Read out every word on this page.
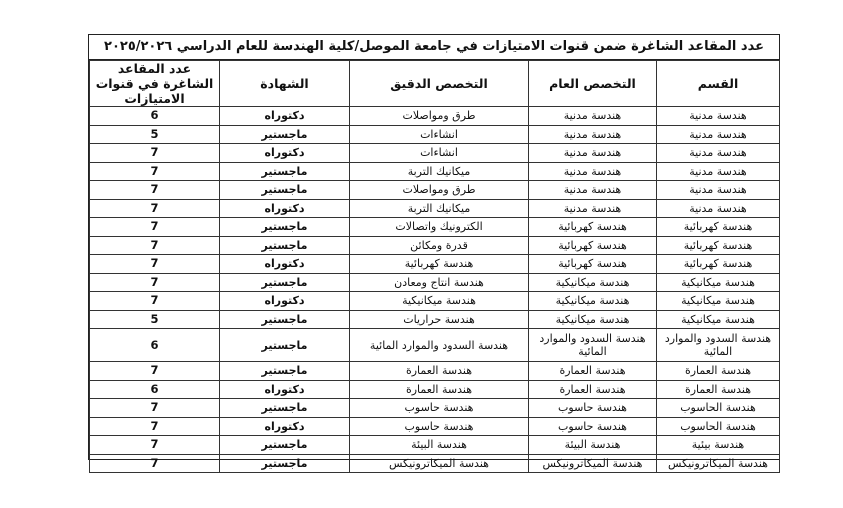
عدد المقاعد الشاغرة ضمن قنوات الامتيازات في جامعة الموصل/كلية الهندسة للعام الدراسي ٢٠٢٥/٢٠٢٦
القسم	التخصص العام	التخصص الدقيق	الشهادة	عدد المقاعد الشاغرة في قنوات الامتيازات
هندسة مدنية	هندسة مدنية	طرق ومواصلات	دكتوراه	6
هندسة مدنية	هندسة مدنية	انشاءات	ماجستير	5
هندسة مدنية	هندسة مدنية	انشاءات	دكتوراه	7
هندسة مدنية	هندسة مدنية	ميكانيك التربة	ماجستير	7
هندسة مدنية	هندسة مدنية	طرق ومواصلات	ماجستير	7
هندسة مدنية	هندسة مدنية	ميكانيك التربة	دكتوراه	7
هندسة كهربائية	هندسة كهربائية	الكترونيك واتصالات	ماجستير	7
هندسة كهربائية	هندسة كهربائية	قدرة ومكائن	ماجستير	7
هندسة كهربائية	هندسة كهربائية	هندسة كهربائية	دكتوراه	7
هندسة ميكانيكية	هندسة ميكانيكية	هندسة انتاج ومعادن	ماجستير	7
هندسة ميكانيكية	هندسة ميكانيكية	هندسة ميكانيكية	دكتوراه	7
هندسة ميكانيكية	هندسة ميكانيكية	هندسة حراريات	ماجستير	5
هندسة السدود والموارد المائية	هندسة السدود والموارد المائية	هندسة السدود والموارد المائية	ماجستير	6
هندسة العمارة	هندسة العمارة	هندسة العمارة	ماجستير	7
هندسة العمارة	هندسة العمارة	هندسة العمارة	دكتوراه	6
هندسة الحاسوب	هندسة حاسوب	هندسة حاسوب	ماجستير	7
هندسة الحاسوب	هندسة حاسوب	هندسة حاسوب	دكتوراه	7
هندسة بيئية	هندسة البيئة	هندسة البيئة	ماجستير	7
هندسة الميكاترونيكس	هندسة الميكاترونيكس	هندسة الميكاترونيكس	ماجستير	7
